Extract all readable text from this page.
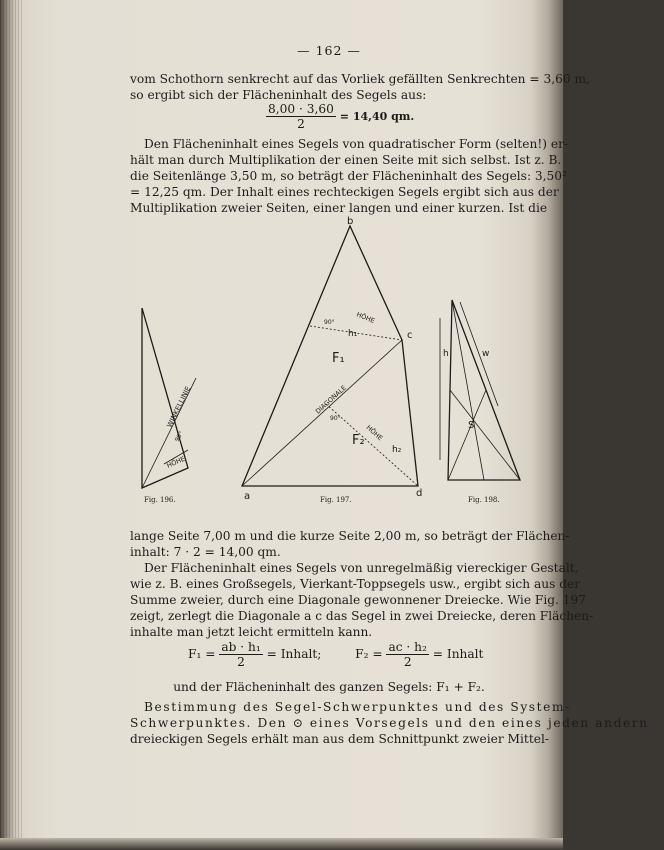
— 162 —
vom Schothorn senkrecht auf das Vorliek gefällten Senkrechten = 3,60 m,
so ergibt sich der Flächeninhalt des Segels aus:
$\frac{8,00 \cdot 3,60}{2} = 14,40$ qm.
Den Flächeninhalt eines Segels von quadratischer Form (selten!) er-
hält man durch Multiplikation der einen Seite mit sich selbst. Ist z. B.
die Seitenlänge 3,50 m, so beträgt der Flächeninhalt des Segels: 3,50²
= 12,25 qm. Der Inhalt eines rechteckigen Segels ergibt sich aus der
Multiplikation zweier Seiten, einer langen und einer kurzen. Ist die
lange Seite 7,00 m und die kurze Seite 2,00 m, so beträgt der Flächen-
inhalt: 7 · 2 = 14,00 qm.
Der Flächeninhalt eines Segels von unregelmäßig viereckiger Gestalt,
wie z. B. eines Großsegels, Vierkant-Toppsegels usw., ergibt sich aus der
Summe zweier, durch eine Diagonale gewonnener Dreiecke. Wie Fig. 197
zeigt, zerlegt die Diagonale a c das Segel in zwei Dreiecke, deren Flächen-
inhalte man jetzt leicht ermitteln kann.
$F_1 = \frac{\text{ab · h₁}}{2}$ = Inhalt;	$F_2 = \frac{\text{ac · h₂}}{2}$ = Inhalt
und der Flächeninhalt des ganzen Segels: F₁ + F₂.
Bestimmung des Segel-Schwerpunktes und des System-
Schwerpunktes. Den ⊙ eines Vorsegels und den eines jeden andern
dreieckigen Segels erhält man aus dem Schnittpunkt zweier Mittel-
Fig. 196.
WINKELLINIE
HÖHE
90°
Fig. 197.
a
b
c
d
HÖHE
h₁
90°
F₁
DIAGONALE
90°
F₂ HÖHE
h₂
Fig. 198.
h	w
S
